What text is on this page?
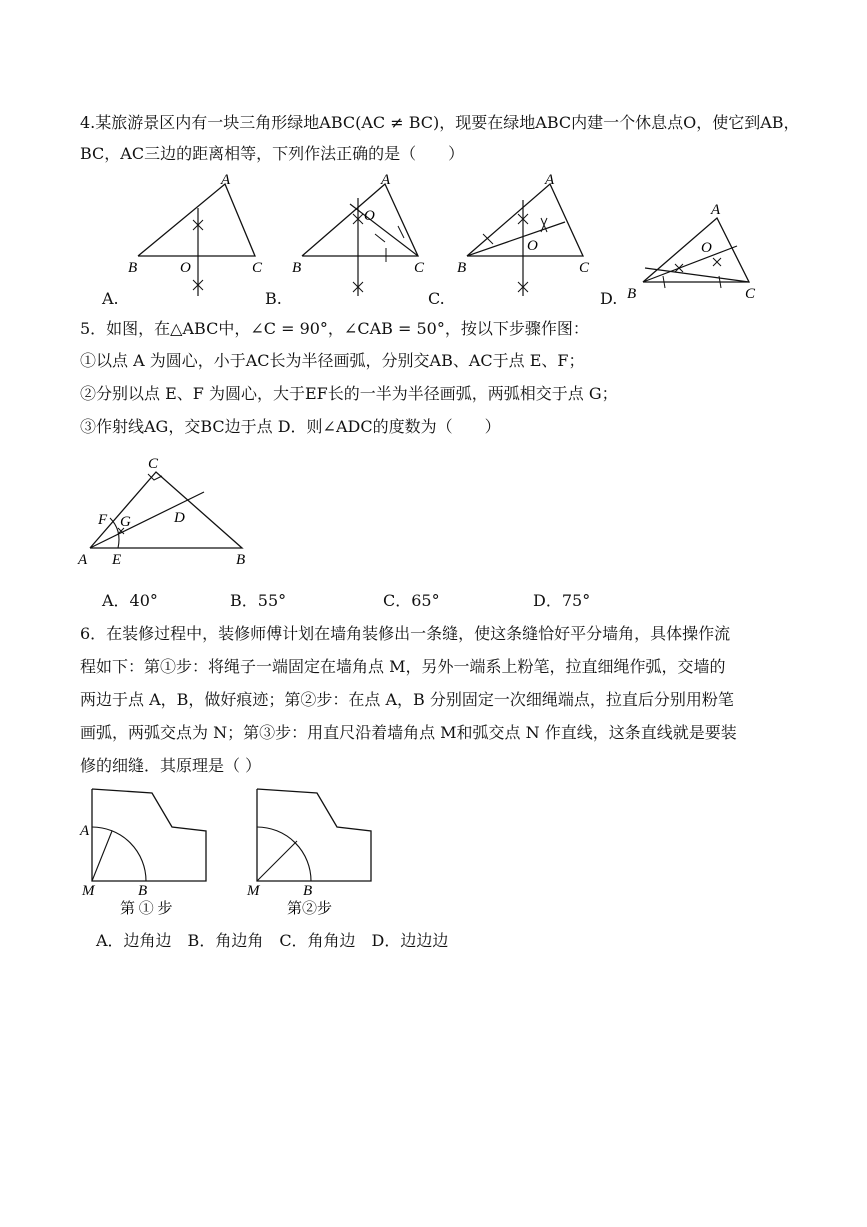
4.某旅游景区内有一块三角形绿地ABC(AC ≠ BC)，现要在绿地ABC内建一个休息点O，使它到AB，
BC，AC三边的距离相等，下列作法正确的是（　　）
A
B	O	C
A.
A
O
B	C
B.
A
O
B	C
C.
A
O
B	C
D.
5．如图，在△ABC中，∠C = 90°，∠CAB = 50°，按以下步骤作图：
①以点 A 为圆心，小于AC长为半径画弧，分别交AB、AC于点 E、F；
②分别以点 E、F 为圆心，大于EF长的一半为半径画弧，两弧相交于点 G；
③作射线AG，交BC边于点 D．则∠ADC的度数为（　　）
C
D
F G
A E	B
A．40°	B．55°	C．65°	D．75°
6．在装修过程中，装修师傅计划在墙角装修出一条缝，使这条缝恰好平分墙角，具体操作流
程如下：第①步：将绳子一端固定在墙角点 M，另外一端系上粉笔，拉直细绳作弧，交墙的
两边于点 A，B，做好痕迹；第②步：在点 A，B 分别固定一次细绳端点，拉直后分别用粉笔
画弧，两弧交点为 N；第③步：用直尺沿着墙角点 M和弧交点 N 作直线，这条直线就是要装
修的细缝．其原理是（ ）
A
M	B
第 ① 步
M	B
第②步
A．边角边　B．角边角　C．角角边　D．边边边
